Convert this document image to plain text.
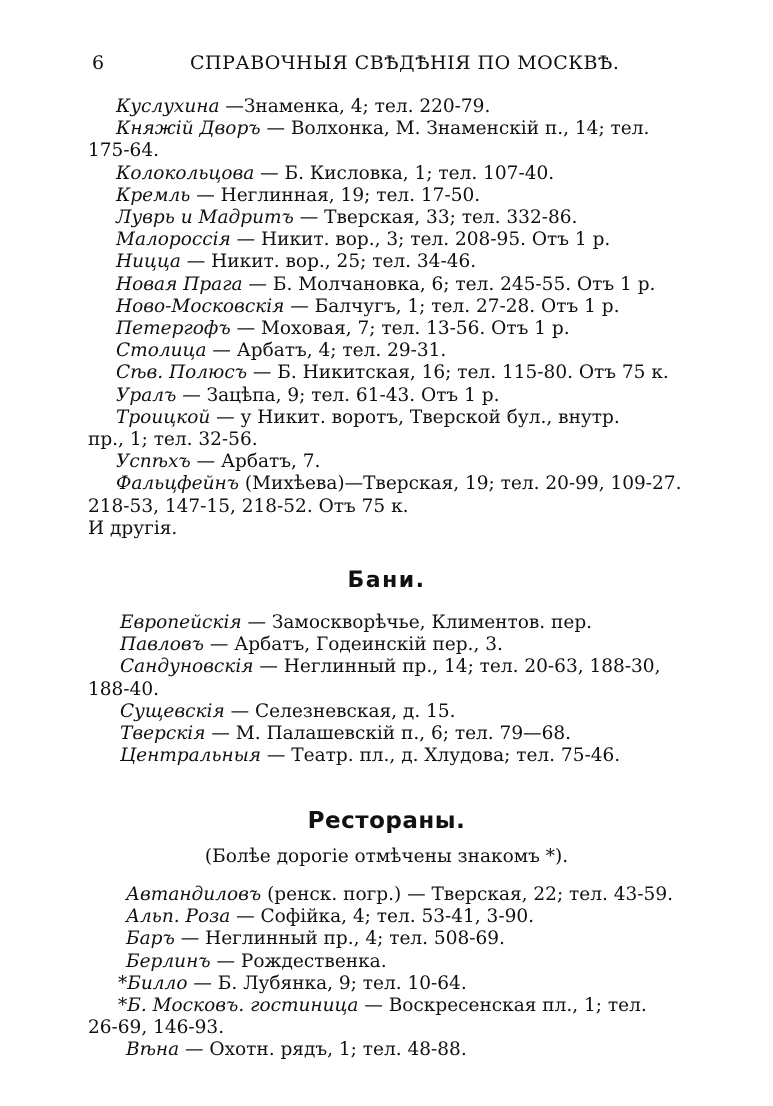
6	СПРАВОЧНЫЯ СВѢДѢНІЯ ПО МОСКВѢ.
Куслухина —Знаменка, 4; тел. 220-79.
Княжій Дворъ — Волхонка, М. Знаменскій п., 14; тел.
175-64.
Колокольцова — Б. Кисловка, 1; тел. 107-40.
Кремль — Неглинная, 19; тел. 17-50.
Луврь и Мадритъ — Тверская, 33; тел. 332-86.
Малороссія — Никит. вор., 3; тел. 208-95. Отъ 1 р.
Ницца — Никит. вор., 25; тел. 34-46.
Новая Прага — Б. Молчановка, 6; тел. 245-55. Отъ 1 р.
Ново-Московскія — Балчугъ, 1; тел. 27-28. Отъ 1 р.
Петергофъ — Моховая, 7; тел. 13-56. Отъ 1 р.
Столица — Арбатъ, 4; тел. 29-31.
Сѣв. Полюсъ — Б. Никитская, 16; тел. 115-80. Отъ 75 к.
Уралъ — Зацѣпа, 9; тел. 61-43. Отъ 1 р.
Троицкой — у Никит. воротъ, Тверской бул., внутр.
пр., 1; тел. 32-56.
Успѣхъ — Арбатъ, 7.
Фальцфейнъ (Михѣева)—Тверская, 19; тел. 20-99, 109-27.
218-53, 147-15, 218-52. Отъ 75 к.
И другія.
Бани.
Европейскія — Замоскворѣчье, Климентов. пер.
Павловъ — Арбатъ, Годеинскій пер., 3.
Сандуновскія — Неглинный пр., 14; тел. 20-63, 188-30,
188-40.
Сущевскія — Селезневская, д. 15.
Тверскія — М. Палашевскій п., 6; тел. 79—68.
Центральныя — Театр. пл., д. Хлудова; тел. 75-46.
Рестораны.
(Болѣе дорогіе отмѣчены знакомъ *).
Автандиловъ (ренск. погр.) — Тверская, 22; тел. 43-59.
Альп. Роза — Софійка, 4; тел. 53-41, 3-90.
Баръ — Неглинный пр., 4; тел. 508-69.
Берлинъ — Рождественка.
*Билло — Б. Лубянка, 9; тел. 10-64.
*Б. Московъ. гостиница — Воскресенская пл., 1; тел.
26-69, 146-93.
Вѣна — Охотн. рядъ, 1; тел. 48-88.
